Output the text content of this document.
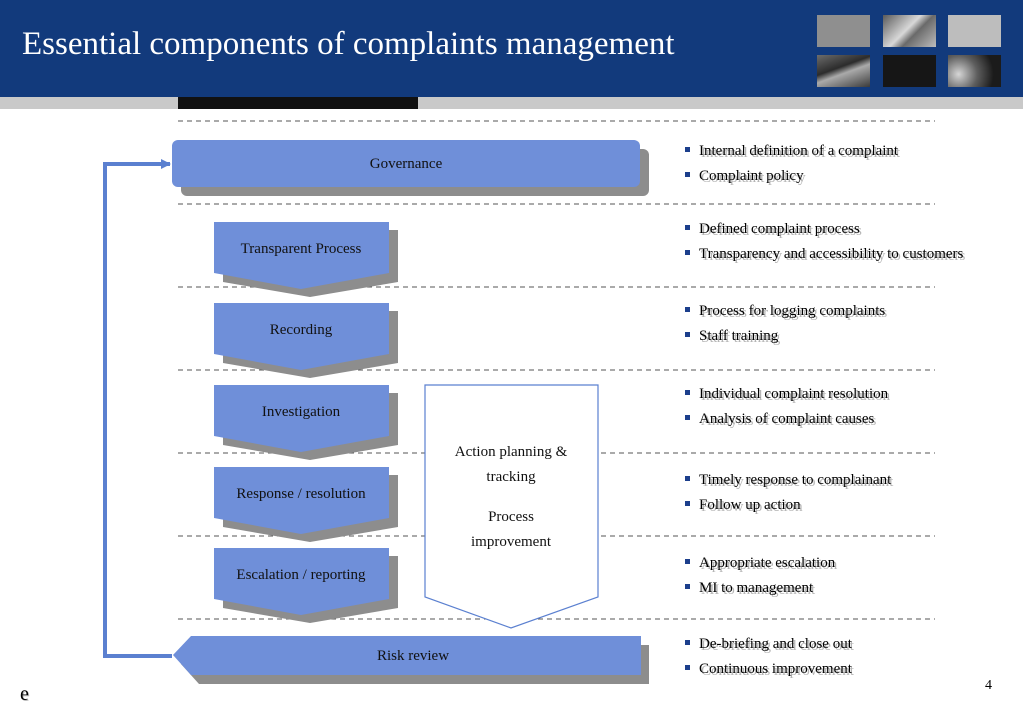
Essential components of complaints management
Governance
Transparent Process
Recording
Investigation
Response / resolution
Escalation / reporting
Risk review
Action planning &
tracking
Process
improvement
Internal definition of a complaint
Complaint policy
Defined complaint process
Transparency and accessibility to customers
Process for logging complaints
Staff training
Individual complaint resolution
Analysis of complaint causes
Timely response to complainant
Follow up action
Appropriate escalation
MI to management
De-briefing and close out
Continuous improvement
e	4
